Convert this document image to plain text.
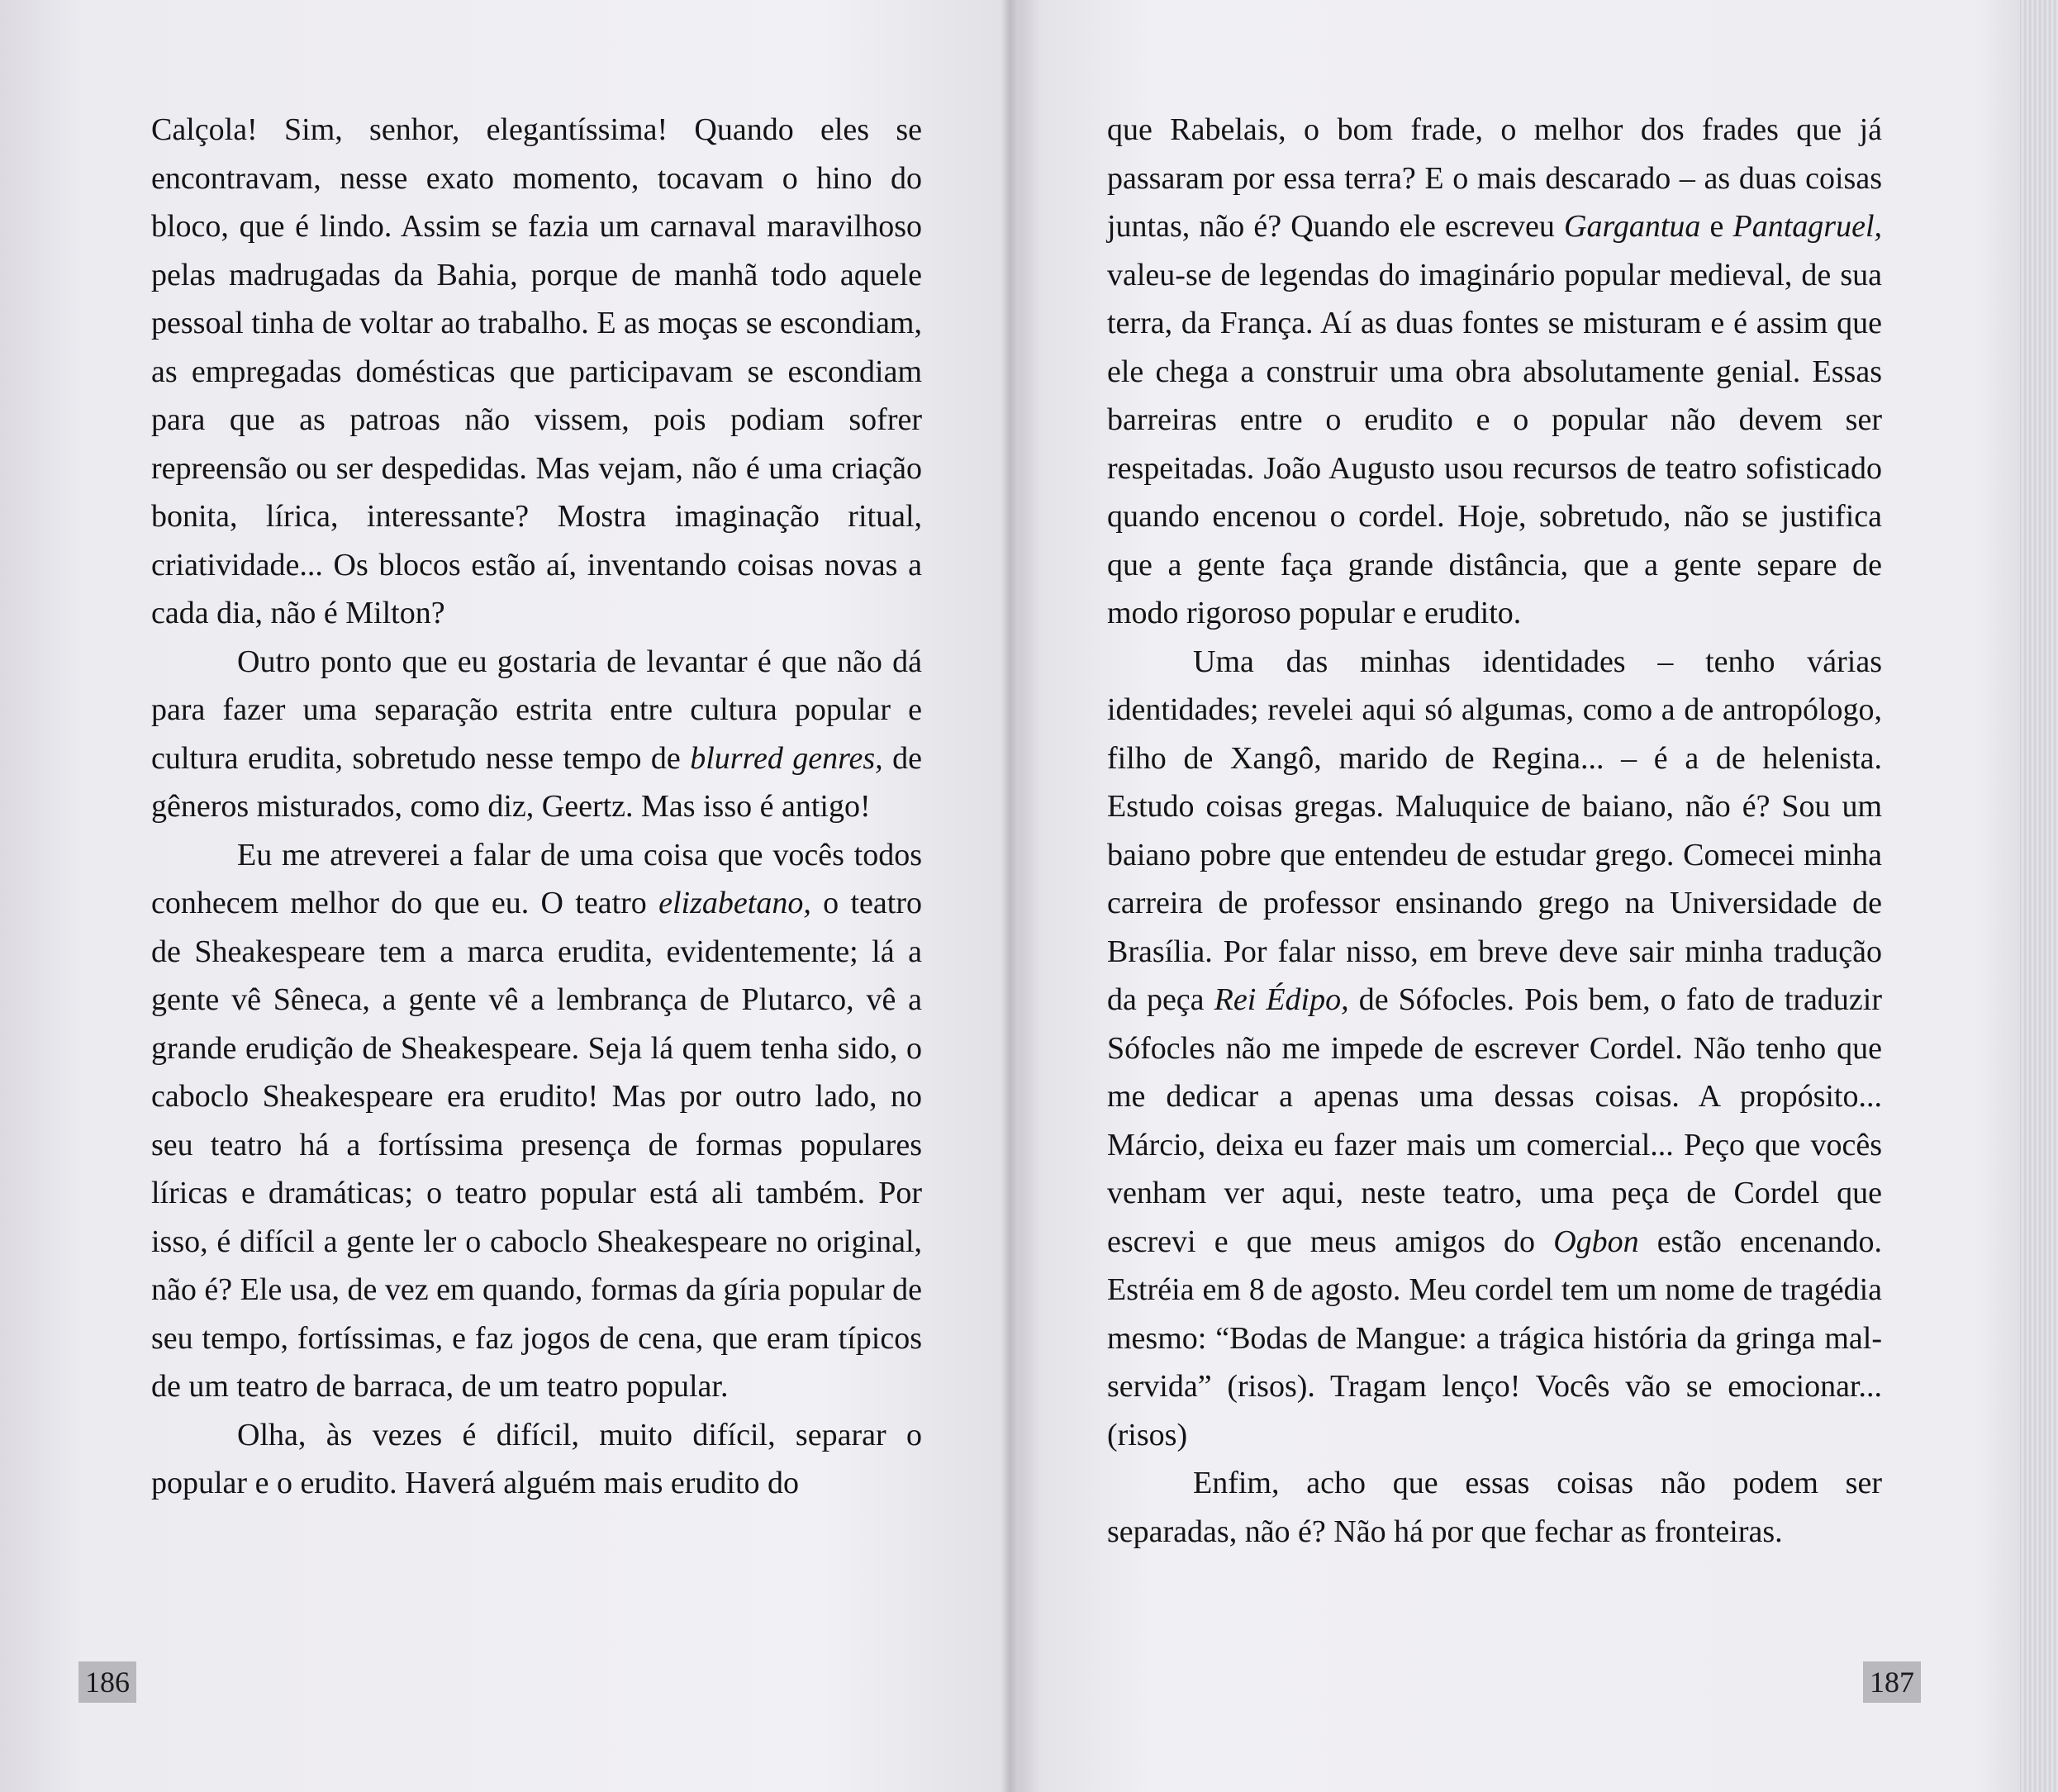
Calçola! Sim, senhor, elegantíssima! Quando eles se encontravam, nesse exato momento, tocavam o hino do bloco, que é lindo. Assim se fazia um carnaval maravilhoso pelas madrugadas da Bahia, porque de manhã todo aquele pessoal tinha de voltar ao trabalho. E as moças se escondiam, as empregadas domésticas que participavam se escondiam para que as patroas não vissem, pois podiam sofrer repreensão ou ser despedidas. Mas vejam, não é uma criação bonita, lírica, interessante? Mostra imaginação ritual, criatividade... Os blocos estão aí, inventando coisas novas a cada dia, não é Milton?

Outro ponto que eu gostaria de levantar é que não dá para fazer uma separação estrita entre cultura popular e cultura erudita, sobretudo nesse tempo de blurred genres, de gêneros misturados, como diz, Geertz. Mas isso é antigo!

Eu me atreverei a falar de uma coisa que vocês todos conhecem melhor do que eu. O teatro elizabetano, o teatro de Sheakespeare tem a marca erudita, evidentemente; lá a gente vê Sêneca, a gente vê a lembrança de Plutarco, vê a grande erudição de Sheakespeare. Seja lá quem tenha sido, o caboclo Sheakespeare era erudito! Mas por outro lado, no seu teatro há a fortíssima presença de formas populares líricas e dramáticas; o teatro popular está ali também. Por isso, é difícil a gente ler o caboclo Sheakespeare no original, não é? Ele usa, de vez em quando, formas da gíria popular de seu tempo, fortíssimas, e faz jogos de cena, que eram típicos de um teatro de barraca, de um teatro popular.

Olha, às vezes é difícil, muito difícil, separar o popular e o erudito. Haverá alguém mais erudito do

186

que Rabelais, o bom frade, o melhor dos frades que já passaram por essa terra? E o mais descarado – as duas coisas juntas, não é? Quando ele escreveu Gargantua e Pantagruel, valeu-se de legendas do imaginário popular medieval, de sua terra, da França. Aí as duas fontes se misturam e é assim que ele chega a construir uma obra absolutamente genial. Essas barreiras entre o erudito e o popular não devem ser respeitadas. João Augusto usou recursos de teatro sofisticado quando encenou o cordel. Hoje, sobretudo, não se justifica que a gente faça grande distância, que a gente separe de modo rigoroso popular e erudito.

Uma das minhas identidades – tenho várias identidades; revelei aqui só algumas, como a de antropólogo, filho de Xangô, marido de Regina... – é a de helenista. Estudo coisas gregas. Maluquice de baiano, não é? Sou um baiano pobre que entendeu de estudar grego. Comecei minha carreira de professor ensinando grego na Universidade de Brasília. Por falar nisso, em breve deve sair minha tradução da peça Rei Édipo, de Sófocles. Pois bem, o fato de traduzir Sófocles não me impede de escrever Cordel. Não tenho que me dedicar a apenas uma dessas coisas. A propósito... Márcio, deixa eu fazer mais um comercial... Peço que vocês venham ver aqui, neste teatro, uma peça de Cordel que escrevi e que meus amigos do Ogbon estão encenando. Estréia em 8 de agosto. Meu cordel tem um nome de tragédia mesmo: “Bodas de Mangue: a trágica história da gringa mal-servida” (risos). Tragam lenço! Vocês vão se emocionar... (risos)

Enfim, acho que essas coisas não podem ser separadas, não é? Não há por que fechar as fronteiras.

187
